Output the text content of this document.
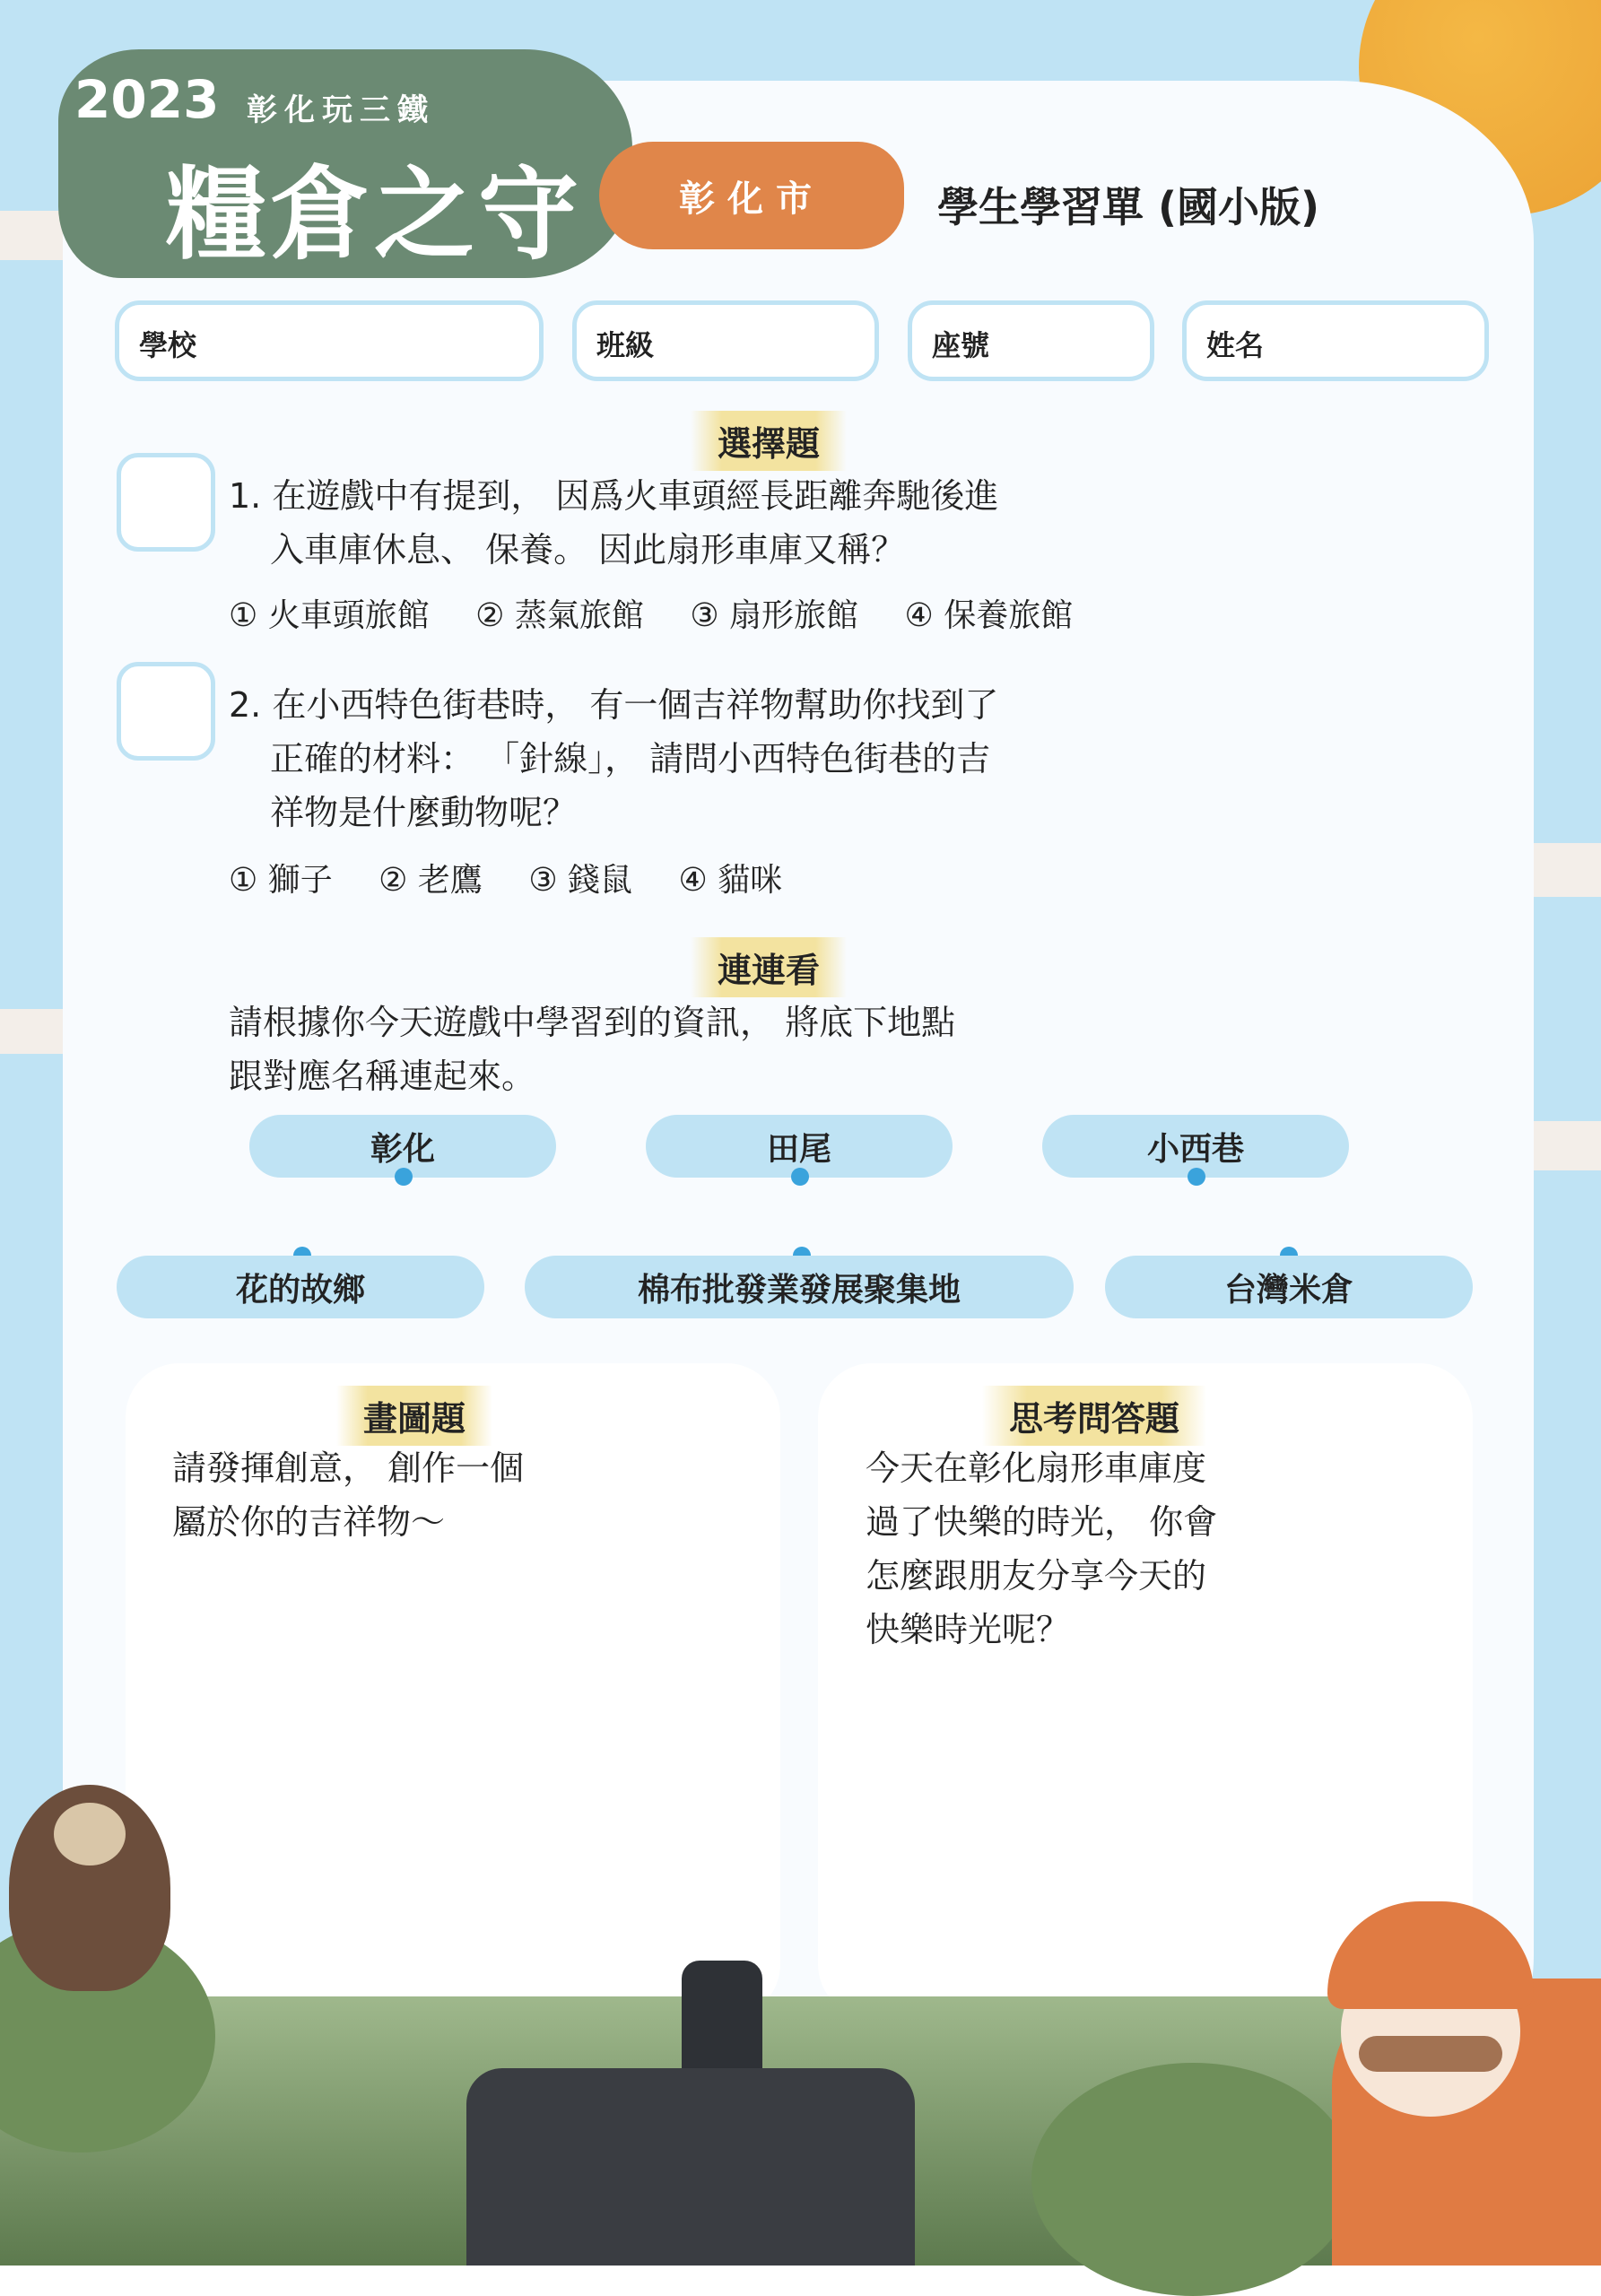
2023 彰化玩三鐵
糧倉之守	彰化市	學生學習單 (國小版)
學校	班級	座號	姓名
選擇題
1. 在遊戲中有提到， 因爲火車頭經長距離奔馳後進
入車庫休息、 保養。 因此扇形車庫又稱？
① 火車頭旅館 ② 蒸氣旅館 ③ 扇形旅館 ④ 保養旅館
2. 在小西特色街巷時， 有一個吉祥物幫助你找到了
正確的材料： 「針線」， 請問小西特色街巷的吉
祥物是什麼動物呢？
① 獅子 ② 老鷹 ③ 錢鼠 ④ 貓咪
連連看
請根據你今天遊戲中學習到的資訊， 將底下地點
跟對應名稱連起來。
彰化	田尾	小西巷
花的故鄉	棉布批發業發展聚集地	台灣米倉
畫圖題
請發揮創意， 創作一個
屬於你的吉祥物～
思考問答題
今天在彰化扇形車庫度
過了快樂的時光， 你會
怎麼跟朋友分享今天的
快樂時光呢？
